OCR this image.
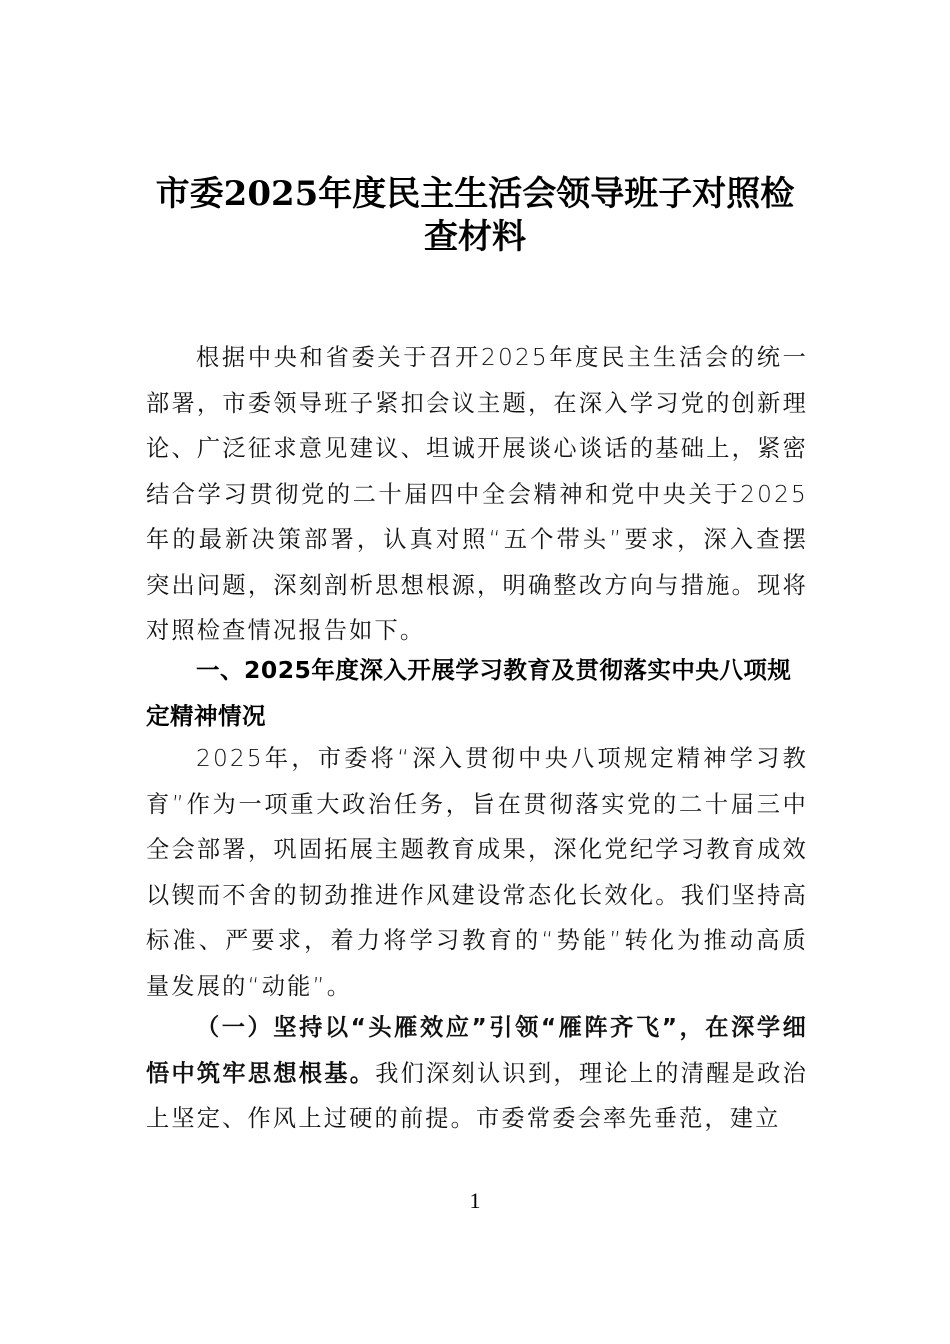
市委2025年度民主生活会领导班子对照检
查材料
根据中央和省委关于召开2025年度民主生活会的统一部署，市委领导班子紧扣会议主题，在深入学习党的创新理论、广泛征求意见建议、坦诚开展谈心谈话的基础上，紧密结合学习贯彻党的二十届四中全会精神和党中央关于2025年的最新决策部署，认真对照“五个带头”要求，深入查摆突出问题，深刻剖析思想根源，明确整改方向与措施。现将对照检查情况报告如下。
一、2025年度深入开展学习教育及贯彻落实中央八项规定精神情况
2025年，市委将“深入贯彻中央八项规定精神学习教育”作为一项重大政治任务，旨在贯彻落实党的二十届三中全会部署，巩固拓展主题教育成果，深化党纪学习教育成效以锲而不舍的韧劲推进作风建设常态化长效化。我们坚持高标准、严要求，着力将学习教育的“势能”转化为推动高质量发展的“动能”。
（一）坚持以“头雁效应”引领“雁阵齐飞”，在深学细悟中筑牢思想根基。我们深刻认识到，理论上的清醒是政治上坚定、作风上过硬的前提。市委常委会率先垂范，建立
1
